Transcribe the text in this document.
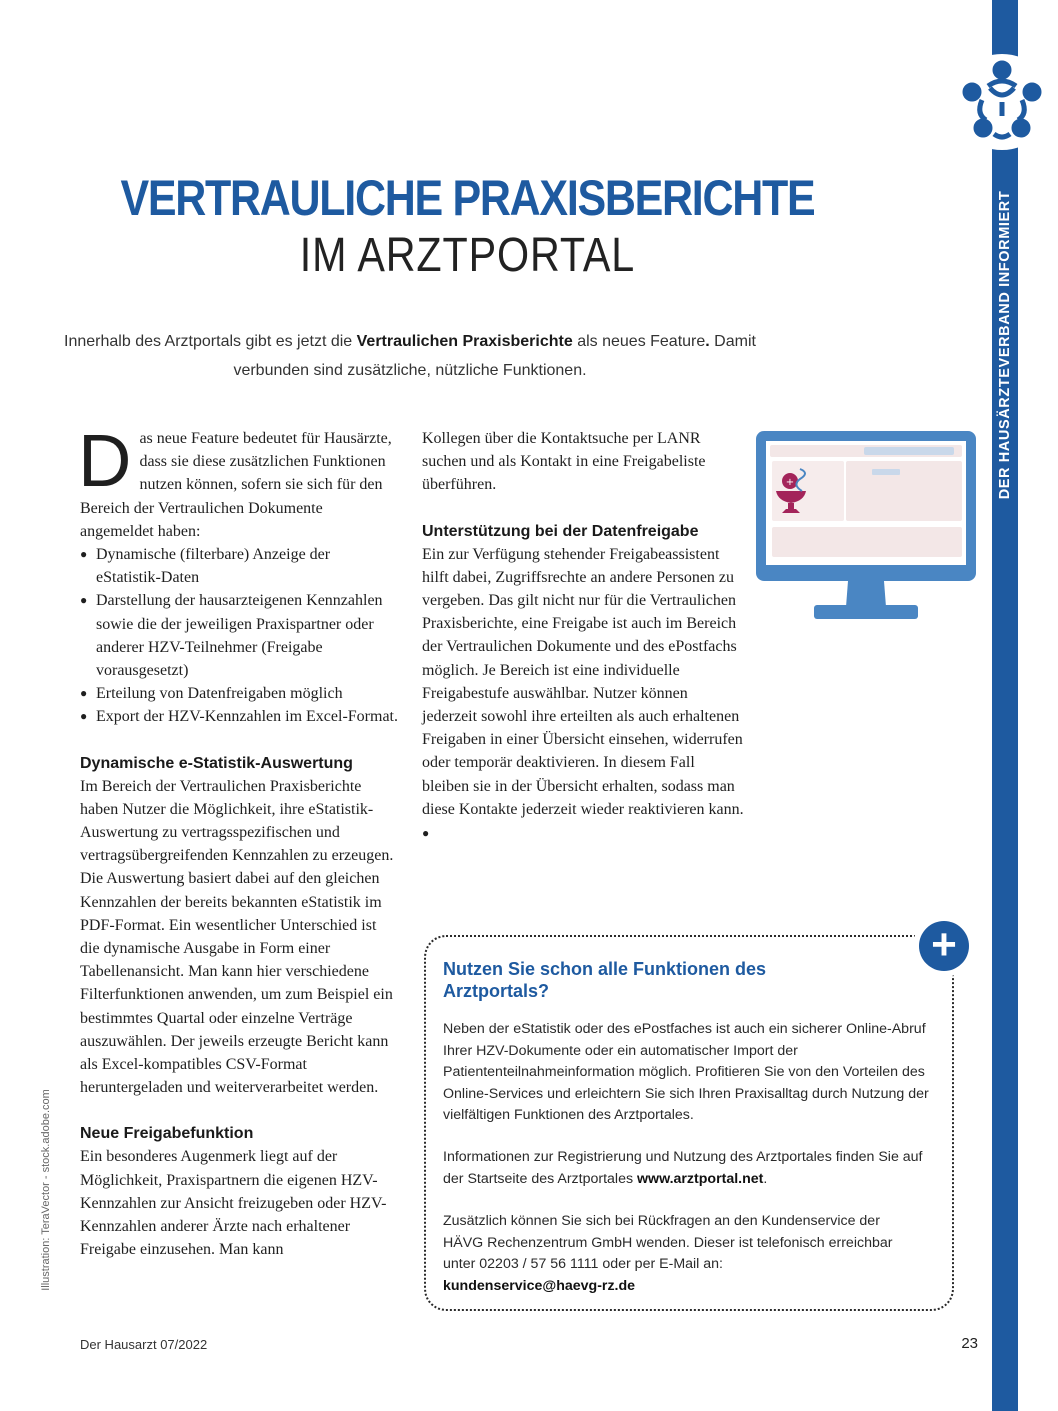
DER HAUSÄRZTEVERBAND INFORMIERT
VERTRAULICHE PRAXISBERICHTE
IM ARZTPORTAL
Innerhalb des Arztportals gibt es jetzt die Vertraulichen Praxisberichte als neues Feature. Damit verbunden sind zusätzliche, nützliche Funktionen.

Das neue Feature bedeutet für Hausärzte, dass sie diese zusätzlichen Funktionen nutzen können, sofern sie sich für den Bereich der Vertraulichen Dokumente angemeldet haben:

● Dynamische (filterbare) Anzeige der eStatistik-Daten
● Darstellung der hausarzteigenen Kennzahlen sowie die der jeweiligen Praxispartner oder anderer HZV-Teilnehmer (Freigabe vorausgesetzt)
● Erteilung von Datenfreigaben möglich
● Export der HZV-Kennzahlen im Excel-Format.
Dynamische e-Statistik-Auswertung

Im Bereich der Vertraulichen Praxisberichte haben Nutzer die Möglichkeit, ihre eStatistik-Auswertung zu vertragsspezifischen und vertragsübergreifenden Kennzahlen zu erzeugen. Die Auswertung basiert dabei auf den gleichen Kennzahlen der bereits bekannten eStatistik im PDF-Format. Ein wesentlicher Unterschied ist die dynamische Ausgabe in Form einer Tabellenansicht. Man kann hier verschiedene Filterfunktionen anwenden, um zum Beispiel ein bestimmtes Quartal oder einzelne Verträge auszuwählen. Der jeweils erzeugte Bericht kann als Excel-kompatibles CSV-Format heruntergeladen und weiterverarbeitet werden.

Neue Freigabefunktion

Ein besonderes Augenmerk liegt auf der Möglichkeit, Praxispartnern die eigenen HZV-Kennzahlen zur Ansicht freizugeben oder HZV-Kennzahlen anderer Ärzte nach erhaltener Freigabe einzusehen. Man kann

Kollegen über die Kontaktsuche per LANR suchen und als Kontakt in eine Freigabeliste überführen.

Unterstützung bei der Datenfreigabe

Ein zur Verfügung stehender Freigabeassistent hilft dabei, Zugriffsrechte an andere Personen zu vergeben. Das gilt nicht nur für die Vertraulichen Praxisberichte, eine Freigabe ist auch im Bereich der Vertraulichen Dokumente und des ePostfachs möglich. Je Bereich ist eine individuelle Freigabestufe auswählbar. Nutzer können jederzeit sowohl ihre erteilten als auch erhaltenen Freigaben in einer Übersicht einsehen, widerrufen oder temporär deaktivieren. In diesem Fall bleiben sie in der Übersicht erhalten, sodass man diese Kontakte jederzeit wieder reaktivieren kann. ●

+
+
Nutzen Sie schon alle Funktionen des Arztportals?

Neben der eStatistik oder des ePostfaches ist auch ein sicherer Online-Abruf Ihrer HZV-Dokumente oder ein automatischer Import der Patiententeilnahmeinformation möglich. Profitieren Sie von den Vorteilen des Online-Services und erleichtern Sie sich Ihren Praxisalltag durch Nutzung der vielfältigen Funktionen des Arztportales.

Informationen zur Registrierung und Nutzung des Arztportales finden Sie auf der Startseite des Arztportales www.arztportal.net.

Zusätzlich können Sie sich bei Rückfragen an den Kundenservice der HÄVG Rechenzentrum GmbH wenden. Dieser ist telefonisch erreichbar unter 02203 / 57 56 1111 oder per E-Mail an:
kundenservice@haevg-rz.de

Illustration: TeraVector - stock.adobe.com
Der Hausarzt 07/2022	23
